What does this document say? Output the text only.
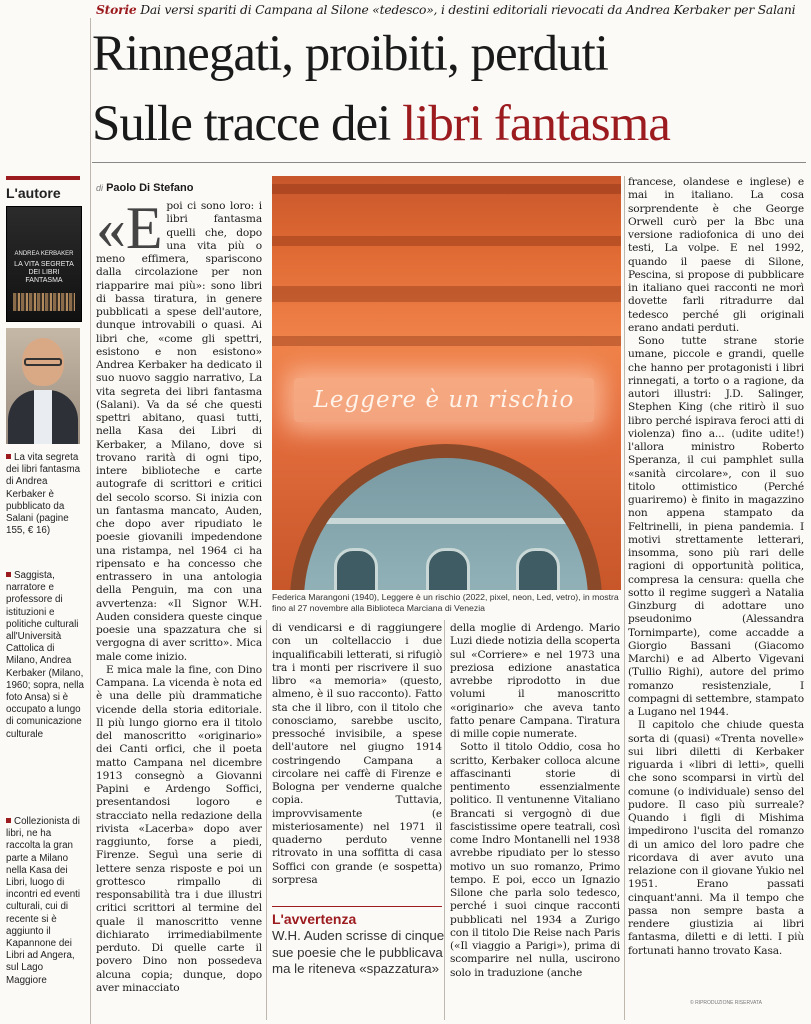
Storie Dai versi spariti di Campana al Silone «tedesco», i destini editoriali rievocati da Andrea Kerbaker per Salani
Rinnegati, proibiti, perduti
Sulle tracce dei libri fantasma
L'autore
ANDREA KERBAKER
LA VITA SEGRETA DEI LIBRI FANTASMA
La vita segreta dei libri fantasma di Andrea Kerbaker è pubblicato da Salani (pagine 155, € 16)
Saggista, narratore e professore di istituzioni e politiche culturali all'Università Cattolica di Milano, Andrea Kerbaker (Milano, 1960; sopra, nella foto Ansa) si è occupato a lungo di comunicazione culturale
Collezionista di libri, ne ha raccolta la gran parte a Milano nella Kasa dei Libri, luogo di incontri ed eventi culturali, cui di recente si è aggiunto il Kapannone dei Libri ad Angera, sul Lago Maggiore
di Paolo Di Stefano

«Epoi ci sono loro: i libri fantasma quelli che, dopo una vita più o meno effimera, spariscono dalla circolazione per non riapparire mai più»: sono libri di bassa tiratura, in genere pubblicati a spese dell'autore, dunque introvabili o quasi. Ai libri che, «come gli spettri, esistono e non esistono» Andrea Kerbaker ha dedicato il suo nuovo saggio narrativo, La vita segreta dei libri fantasma (Salani). Va da sé che questi spettri abitano, quasi tutti, nella Kasa dei Libri di Kerbaker, a Milano, dove si trovano rarità di ogni tipo, intere biblioteche e carte autografe di scrittori e critici del secolo scorso. Si inizia con un fantasma mancato, Auden, che dopo aver ripudiato le poesie giovanili impedendone una ristampa, nel 1964 ci ha ripensato e ha concesso che entrassero in una antologia della Penguin, ma con una avvertenza: «Il Signor W.H. Auden considera queste cinque poesie una spazzatura che si vergogna di aver scritto». Mica male come inizio.

E mica male la fine, con Dino Campana. La vicenda è nota ed è una delle più drammatiche vicende della storia editoriale. Il più lungo giorno era il titolo del manoscritto «originario» dei Canti orfici, che il poeta matto Campana nel dicembre 1913 consegnò a Giovanni Papini e Ardengo Soffici, presentandosi logoro e stracciato nella redazione della rivista «Lacerba» dopo aver raggiunto, forse a piedi, Firenze. Seguì una serie di lettere senza risposte e poi un grottesco rimpallo di responsabilità tra i due illustri critici scrittori al termine del quale il manoscritto venne dichiarato irrimediabilmente perduto. Di quelle carte il povero Dino non possedeva alcuna copia; dunque, dopo aver minacciato

Leggere è un rischio
Federica Marangoni (1940), Leggere è un rischio (2022, pixel, neon, Led, vetro), in mostra fino al 27 novembre alla Biblioteca Marciana di Venezia

di vendicarsi e di raggiungere con un coltellaccio i due inqualificabili letterati, si rifugiò tra i monti per riscrivere il suo libro «a memoria» (questo, almeno, è il suo racconto). Fatto sta che il libro, con il titolo che conosciamo, sarebbe uscito, pressoché invisibile, a spese dell'autore nel giugno 1914 costringendo Campana a circolare nei caffè di Firenze e Bologna per venderne qualche copia. Tuttavia, improvvisamente (e misteriosamente) nel 1971 il quaderno perduto venne ritrovato in una soffitta di casa Soffici con grande (e sospetta) sorpresa

L'avvertenza
W.H. Auden scrisse di cinque sue poesie che le pubblicava ma le riteneva «spazzatura»

della moglie di Ardengo. Mario Luzi diede notizia della scoperta sul «Corriere» e nel 1973 una preziosa edizione anastatica avrebbe riprodotto in due volumi il manoscritto «originario» che aveva tanto fatto penare Campana. Tiratura di mille copie numerate.

Sotto il titolo Oddio, cosa ho scritto, Kerbaker colloca alcune affascinanti storie di pentimento essenzialmente politico. Il ventunenne Vitaliano Brancati si vergognò di due fascistissime opere teatrali, così come Indro Montanelli nel 1938 avrebbe ripudiato per lo stesso motivo un suo romanzo, Primo tempo. E poi, ecco un Ignazio Silone che parla solo tedesco, perché i suoi cinque racconti pubblicati nel 1934 a Zurigo con il titolo Die Reise nach Paris («Il viaggio a Parigi»), prima di scomparire nel nulla, uscirono solo in traduzione (anche

francese, olandese e inglese) e mai in italiano. La cosa sorprendente è che George Orwell curò per la Bbc una versione radiofonica di uno dei testi, La volpe. E nel 1992, quando il paese di Silone, Pescina, si propose di pubblicare in italiano quei racconti ne morì dovette farli ritradurre dal tedesco perché gli originali erano andati perduti.

Sono tutte strane storie umane, piccole e grandi, quelle che hanno per protagonisti i libri rinnegati, a torto o a ragione, da autori illustri: J.D. Salinger, Stephen King (che ritirò il suo libro perché ispirava feroci atti di violenza) fino a... (udite udite!) l'allora ministro Roberto Speranza, il cui pamphlet sulla «sanità circolare», con il suo titolo ottimistico (Perché guariremo) è finito in magazzino non appena stampato da Feltrinelli, in piena pandemia. I motivi strettamente letterari, insomma, sono più rari delle ragioni di opportunità politica, compresa la censura: quella che sotto il regime suggerì a Natalia Ginzburg di adottare uno pseudonimo (Alessandra Tornimparte), come accadde a Giorgio Bassani (Giacomo Marchi) e ad Alberto Vigevani (Tullio Righi), autore del primo romanzo resistenziale, I compagni di settembre, stampato a Lugano nel 1944.

Il capitolo che chiude questa sorta di (quasi) «Trenta novelle» sui libri diletti di Kerbaker riguarda i «libri di letti», quelli che sono scomparsi in virtù del comune (o individuale) senso del pudore. Il caso più surreale? Quando i figli di Mishima impedirono l'uscita del romanzo di un amico del loro padre che ricordava di aver avuto una relazione con il giovane Yukio nel 1951. Erano passati cinquant'anni. Ma il tempo che passa non sempre basta a rendere giustizia ai libri fantasma, diletti e di letti. I più fortunati hanno trovato Kasa.

© RIPRODUZIONE RISERVATA
